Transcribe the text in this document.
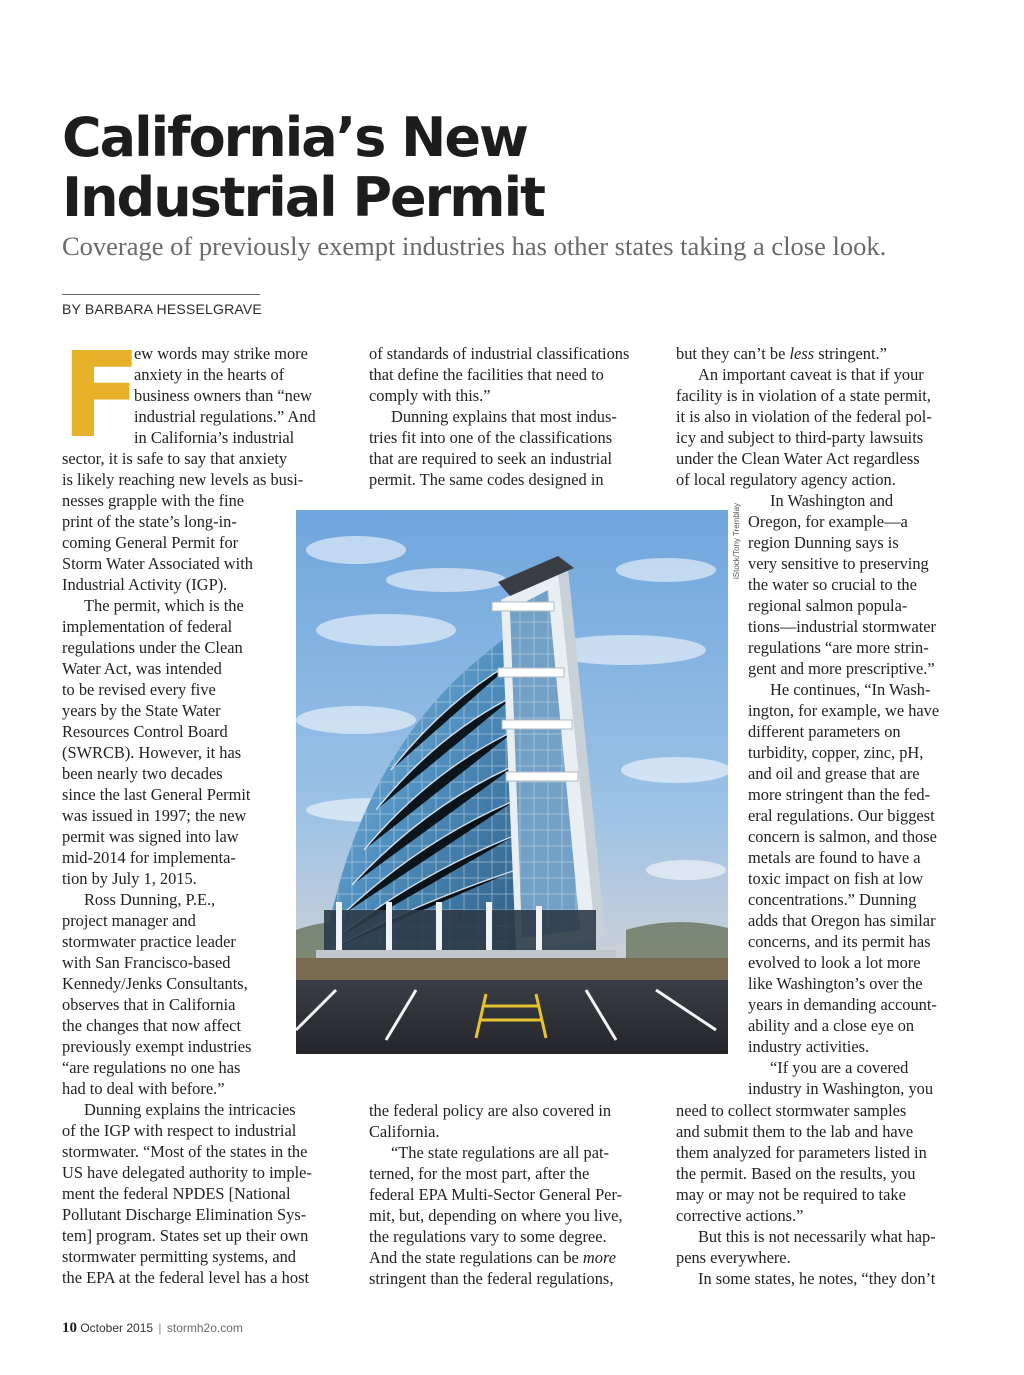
California’s New
Industrial Permit
Coverage of previously exempt industries has other states taking a close look.

BY BARBARA HESSELGRAVE

F
ew words may strike more
anxiety in the hearts of
business owners than “new
industrial regulations.” And
in California’s industrial
sector, it is safe to say that anxiety
is likely reaching new levels as busi-
nesses grapple with the fine
print of the state’s long-in-
coming General Permit for
Storm Water Associated with
Industrial Activity (IGP).
The permit, which is the
implementation of federal
regulations under the Clean
Water Act, was intended
to be revised every five
years by the State Water
Resources Control Board
(SWRCB). However, it has
been nearly two decades
since the last General Permit
was issued in 1997; the new
permit was signed into law
mid-2014 for implementa-
tion by July 1, 2015.
Ross Dunning, P.E.,
project manager and
stormwater practice leader
with San Francisco-based
Kennedy/Jenks Consultants,
observes that in California
the changes that now affect
previously exempt industries
“are regulations no one has
had to deal with before.”
Dunning explains the intricacies
of the IGP with respect to industrial
stormwater. “Most of the states in the
US have delegated authority to imple-
ment the federal NPDES [National
Pollutant Discharge Elimination Sys-
tem] program. States set up their own
stormwater permitting systems, and
the EPA at the federal level has a host
of standards of industrial classifications
that define the facilities that need to
comply with this.”
Dunning explains that most indus-
tries fit into one of the classifications
that are required to seek an industrial
permit. The same codes designed in
the federal policy are also covered in
California.
“The state regulations are all pat-
terned, for the most part, after the
federal EPA Multi-Sector General Per-
mit, but, depending on where you live,
the regulations vary to some degree.
And the state regulations can be more
stringent than the federal regulations,
but they can’t be less stringent.”
An important caveat is that if your
facility is in violation of a state permit,
it is also in violation of the federal pol-
icy and subject to third-party lawsuits
under the Clean Water Act regardless
of local regulatory agency action.
In Washington and
Oregon, for example—a
region Dunning says is
very sensitive to preserving
the water so crucial to the
regional salmon popula-
tions—industrial stormwater
regulations “are more strin-
gent and more prescriptive.”
He continues, “In Wash-
ington, for example, we have
different parameters on
turbidity, copper, zinc, pH,
and oil and grease that are
more stringent than the fed-
eral regulations. Our biggest
concern is salmon, and those
metals are found to have a
toxic impact on fish at low
concentrations.” Dunning
adds that Oregon has similar
concerns, and its permit has
evolved to look a lot more
like Washington’s over the
years in demanding account-
ability and a close eye on
industry activities.
“If you are a covered
industry in Washington, you
need to collect stormwater samples
and submit them to the lab and have
them analyzed for parameters listed in
the permit. Based on the results, you
may or may not be required to take
corrective actions.”
But this is not necessarily what hap-
pens everywhere.
In some states, he notes, “they don’t
iStock/Tony Tremblay

10 October 2015 | stormh2o.com
